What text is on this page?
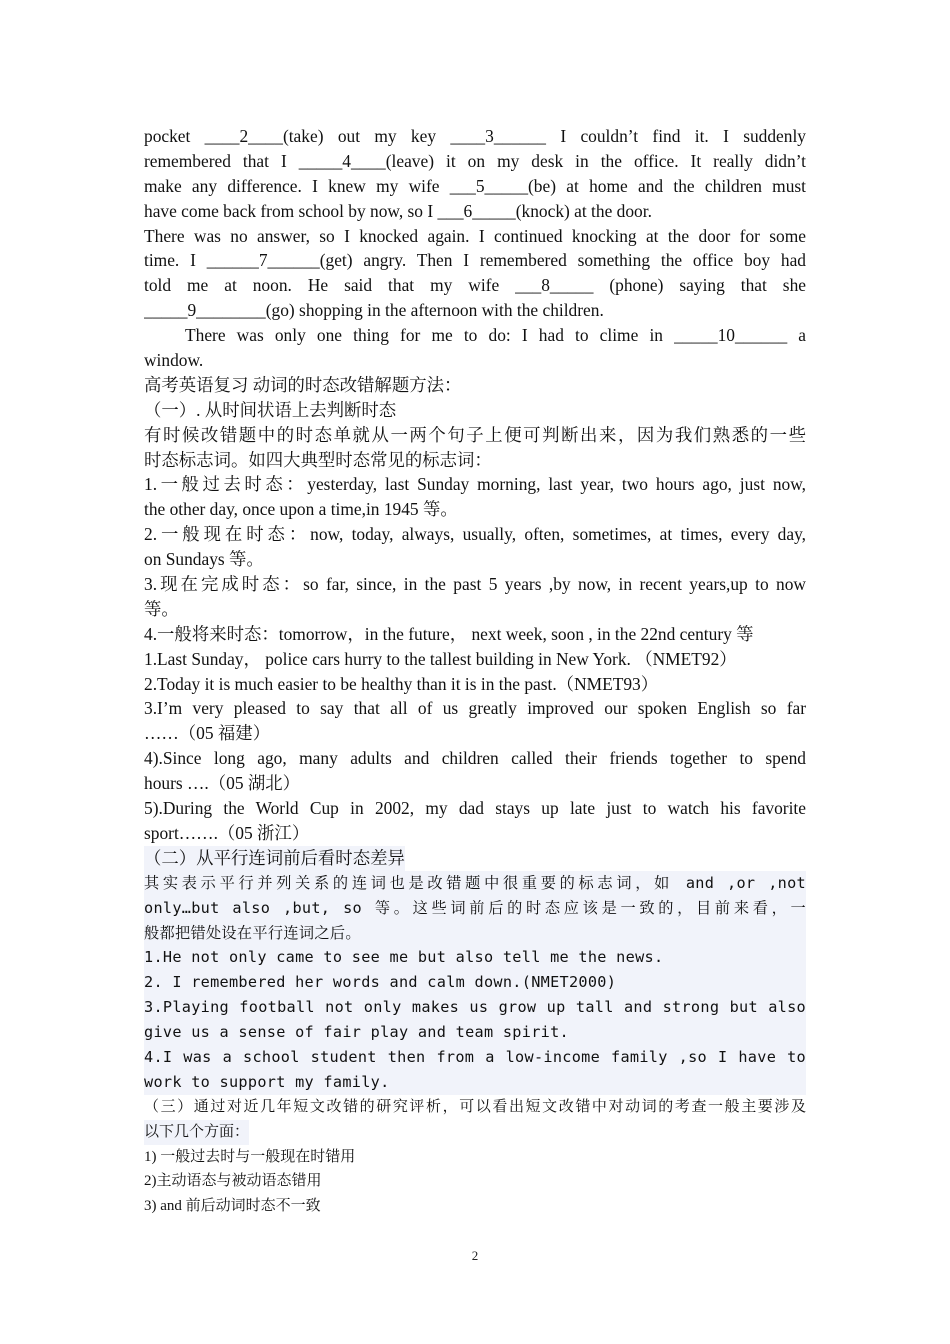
pocket ____2____(take) out my key ____3______ I couldn’t find it. I suddenly
remembered that I _____4____(leave) it on my desk in the office. It really didn’t
make any difference. I knew my wife ___5_____(be) at home and the children must
have come back from school by now, so I ___6_____(knock) at the door.
There was no answer, so I knocked again. I continued knocking at the door for some
time. I ______7______(get) angry. Then I remembered something the office boy had
told me at noon. He said that my wife ___8_____ (phone) saying that she
_____9________(go) shopping in the afternoon with the children.
There was only one thing for me to do: I had to clime in _____10______ a
window.
高考英语复习 动词的时态改错解题方法：
（一）. 从时间状语上去判断时态
有时候改错题中的时态单就从一两个句子上便可判断出来，因为我们熟悉的一些
时态标志词。如四大典型时态常见的标志词：
1.一般过去时态：yesterday, last Sunday morning, last year, two hours ago, just now,
the other day, once upon a time,in 1945 等。
2.一般现在时态：now, today, always, usually, often, sometimes, at times, every day,
on Sundays 等。
3.现在完成时态：so far, since, in the past 5 years ,by now, in recent years,up to now
等。
4.一般将来时态：tomorrow，in the future， next week, soon , in the 22nd century 等
1.Last Sunday， police cars hurry to the tallest building in New York. （NMET92）
2.Today it is much easier to be healthy than it is in the past.（NMET93）
3.I’m very pleased to say that all of us greatly improved our spoken English so far
……（05 福建）
4).Since long ago, many adults and children called their friends together to spend
hours ….（05 湖北）
5).During the World Cup in 2002, my dad stays up late just to watch his favorite
sport…….（05 浙江）
（二）从平行连词前后看时态差异
其实表示平行并列关系的连词也是改错题中很重要的标志词，如 and ,or ,not
only…but also ,but, so 等。这些词前后的时态应该是一致的，目前来看，一
般都把错处设在平行连词之后。
1.He not only came to see me but also tell me the news.
2. I remembered her words and calm down.(NMET2000)
3.Playing football not only makes us grow up tall and strong but also
give us a sense of fair play and team spirit.
4.I was a school student then from a low-income family ,so I have to
work to support my family.
（三）通过对近几年短文改错的研究评析，可以看出短文改错中对动词的考查一般主要涉及
以下几个方面：
1) 一般过去时与一般现在时错用
2)主动语态与被动语态错用
3) and 前后动词时态不一致
2
